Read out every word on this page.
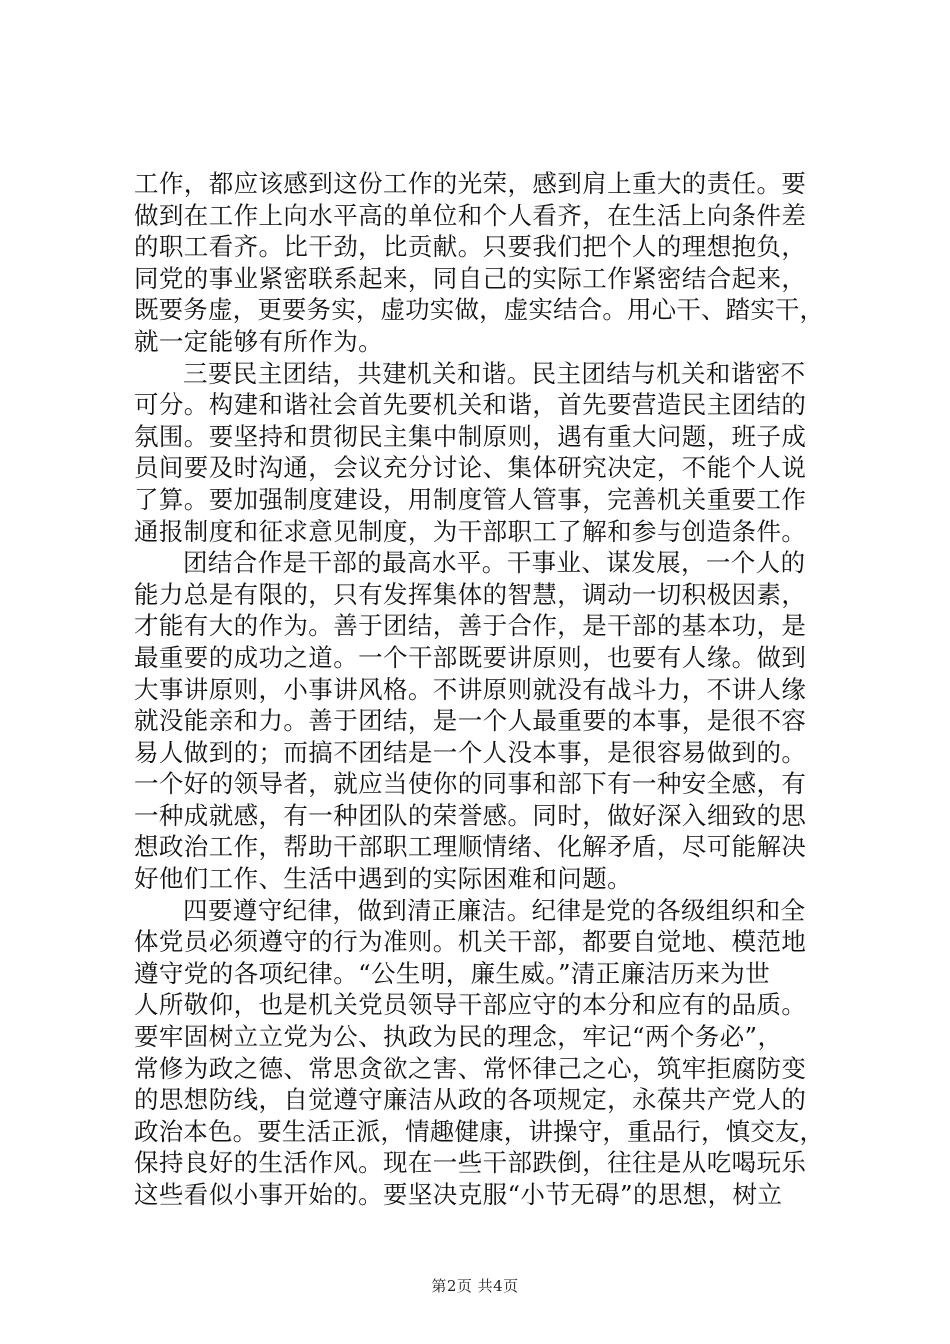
工作，都应该感到这份工作的光荣，感到肩上重大的责任。要
做到在工作上向水平高的单位和个人看齐，在生活上向条件差
的职工看齐。比干劲，比贡献。只要我们把个人的理想抱负，
同党的事业紧密联系起来，同自己的实际工作紧密结合起来，
既要务虚，更要务实，虚功实做，虚实结合。用心干、踏实干，
就一定能够有所作为。
三要民主团结，共建机关和谐。民主团结与机关和谐密不
可分。构建和谐社会首先要机关和谐，首先要营造民主团结的
氛围。要坚持和贯彻民主集中制原则，遇有重大问题，班子成
员间要及时沟通，会议充分讨论、集体研究决定，不能个人说
了算。要加强制度建设，用制度管人管事，完善机关重要工作
通报制度和征求意见制度，为干部职工了解和参与创造条件。
团结合作是干部的最高水平。干事业、谋发展，一个人的
能力总是有限的，只有发挥集体的智慧，调动一切积极因素，
才能有大的作为。善于团结，善于合作，是干部的基本功，是
最重要的成功之道。一个干部既要讲原则，也要有人缘。做到
大事讲原则，小事讲风格。不讲原则就没有战斗力，不讲人缘
就没能亲和力。善于团结，是一个人最重要的本事，是很不容
易人做到的；而搞不团结是一个人没本事，是很容易做到的。
一个好的领导者，就应当使你的同事和部下有一种安全感，有
一种成就感，有一种团队的荣誉感。同时，做好深入细致的思
想政治工作，帮助干部职工理顺情绪、化解矛盾，尽可能解决
好他们工作、生活中遇到的实际困难和问题。
四要遵守纪律，做到清正廉洁。纪律是党的各级组织和全
体党员必须遵守的行为准则。机关干部，都要自觉地、模范地
遵守党的各项纪律。“公生明，廉生威。”清正廉洁历来为世
人所敬仰，也是机关党员领导干部应守的本分和应有的品质。
要牢固树立立党为公、执政为民的理念，牢记“两个务必”，
常修为政之德、常思贪欲之害、常怀律己之心，筑牢拒腐防变
的思想防线，自觉遵守廉洁从政的各项规定，永葆共产党人的
政治本色。要生活正派，情趣健康，讲操守，重品行，慎交友，
保持良好的生活作风。现在一些干部跌倒，往往是从吃喝玩乐
这些看似小事开始的。要坚决克服“小节无碍”的思想，树立
第2页 共4页
